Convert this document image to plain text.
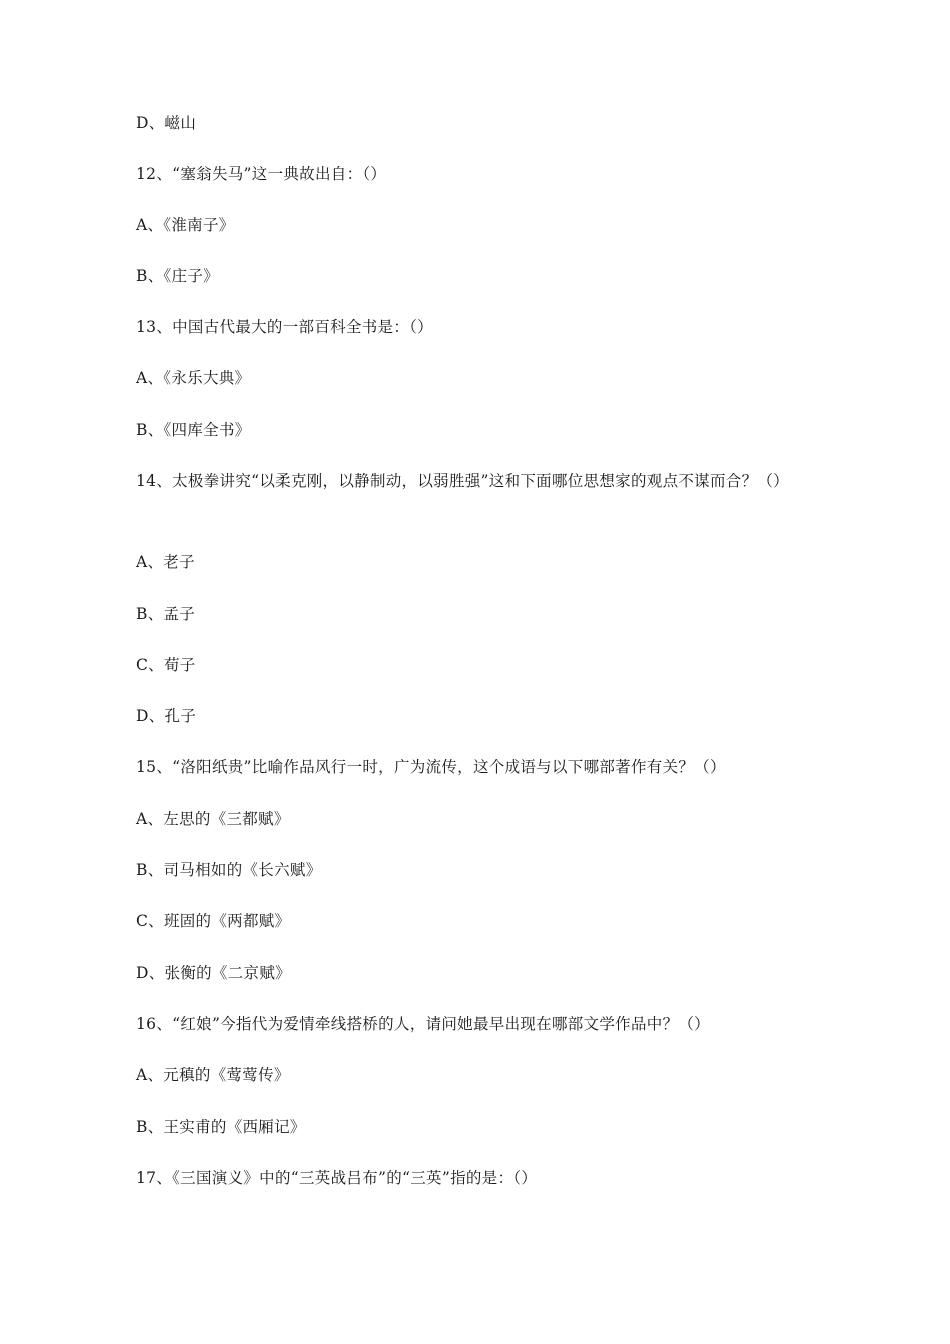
D、嵫山
12、“塞翁失马”这一典故出自：（）
A、《淮南子》
B、《庄子》
13、中国古代最大的一部百科全书是：（）
A、《永乐大典》
B、《四库全书》
14、太极拳讲究“以柔克刚，以静制动，以弱胜强”这和下面哪位思想家的观点不谋而合？（）
A、老子
B、孟子
C、荀子
D、孔子
15、“洛阳纸贵”比喻作品风行一时，广为流传，这个成语与以下哪部著作有关？（）
A、左思的《三都赋》
B、司马相如的《长六赋》
C、班固的《两都赋》
D、张衡的《二京赋》
16、“红娘”今指代为爱情牵线搭桥的人，请问她最早出现在哪部文学作品中？（）
A、元稹的《莺莺传》
B、王实甫的《西厢记》
17、《三国演义》中的“三英战吕布”的“三英”指的是：（）
